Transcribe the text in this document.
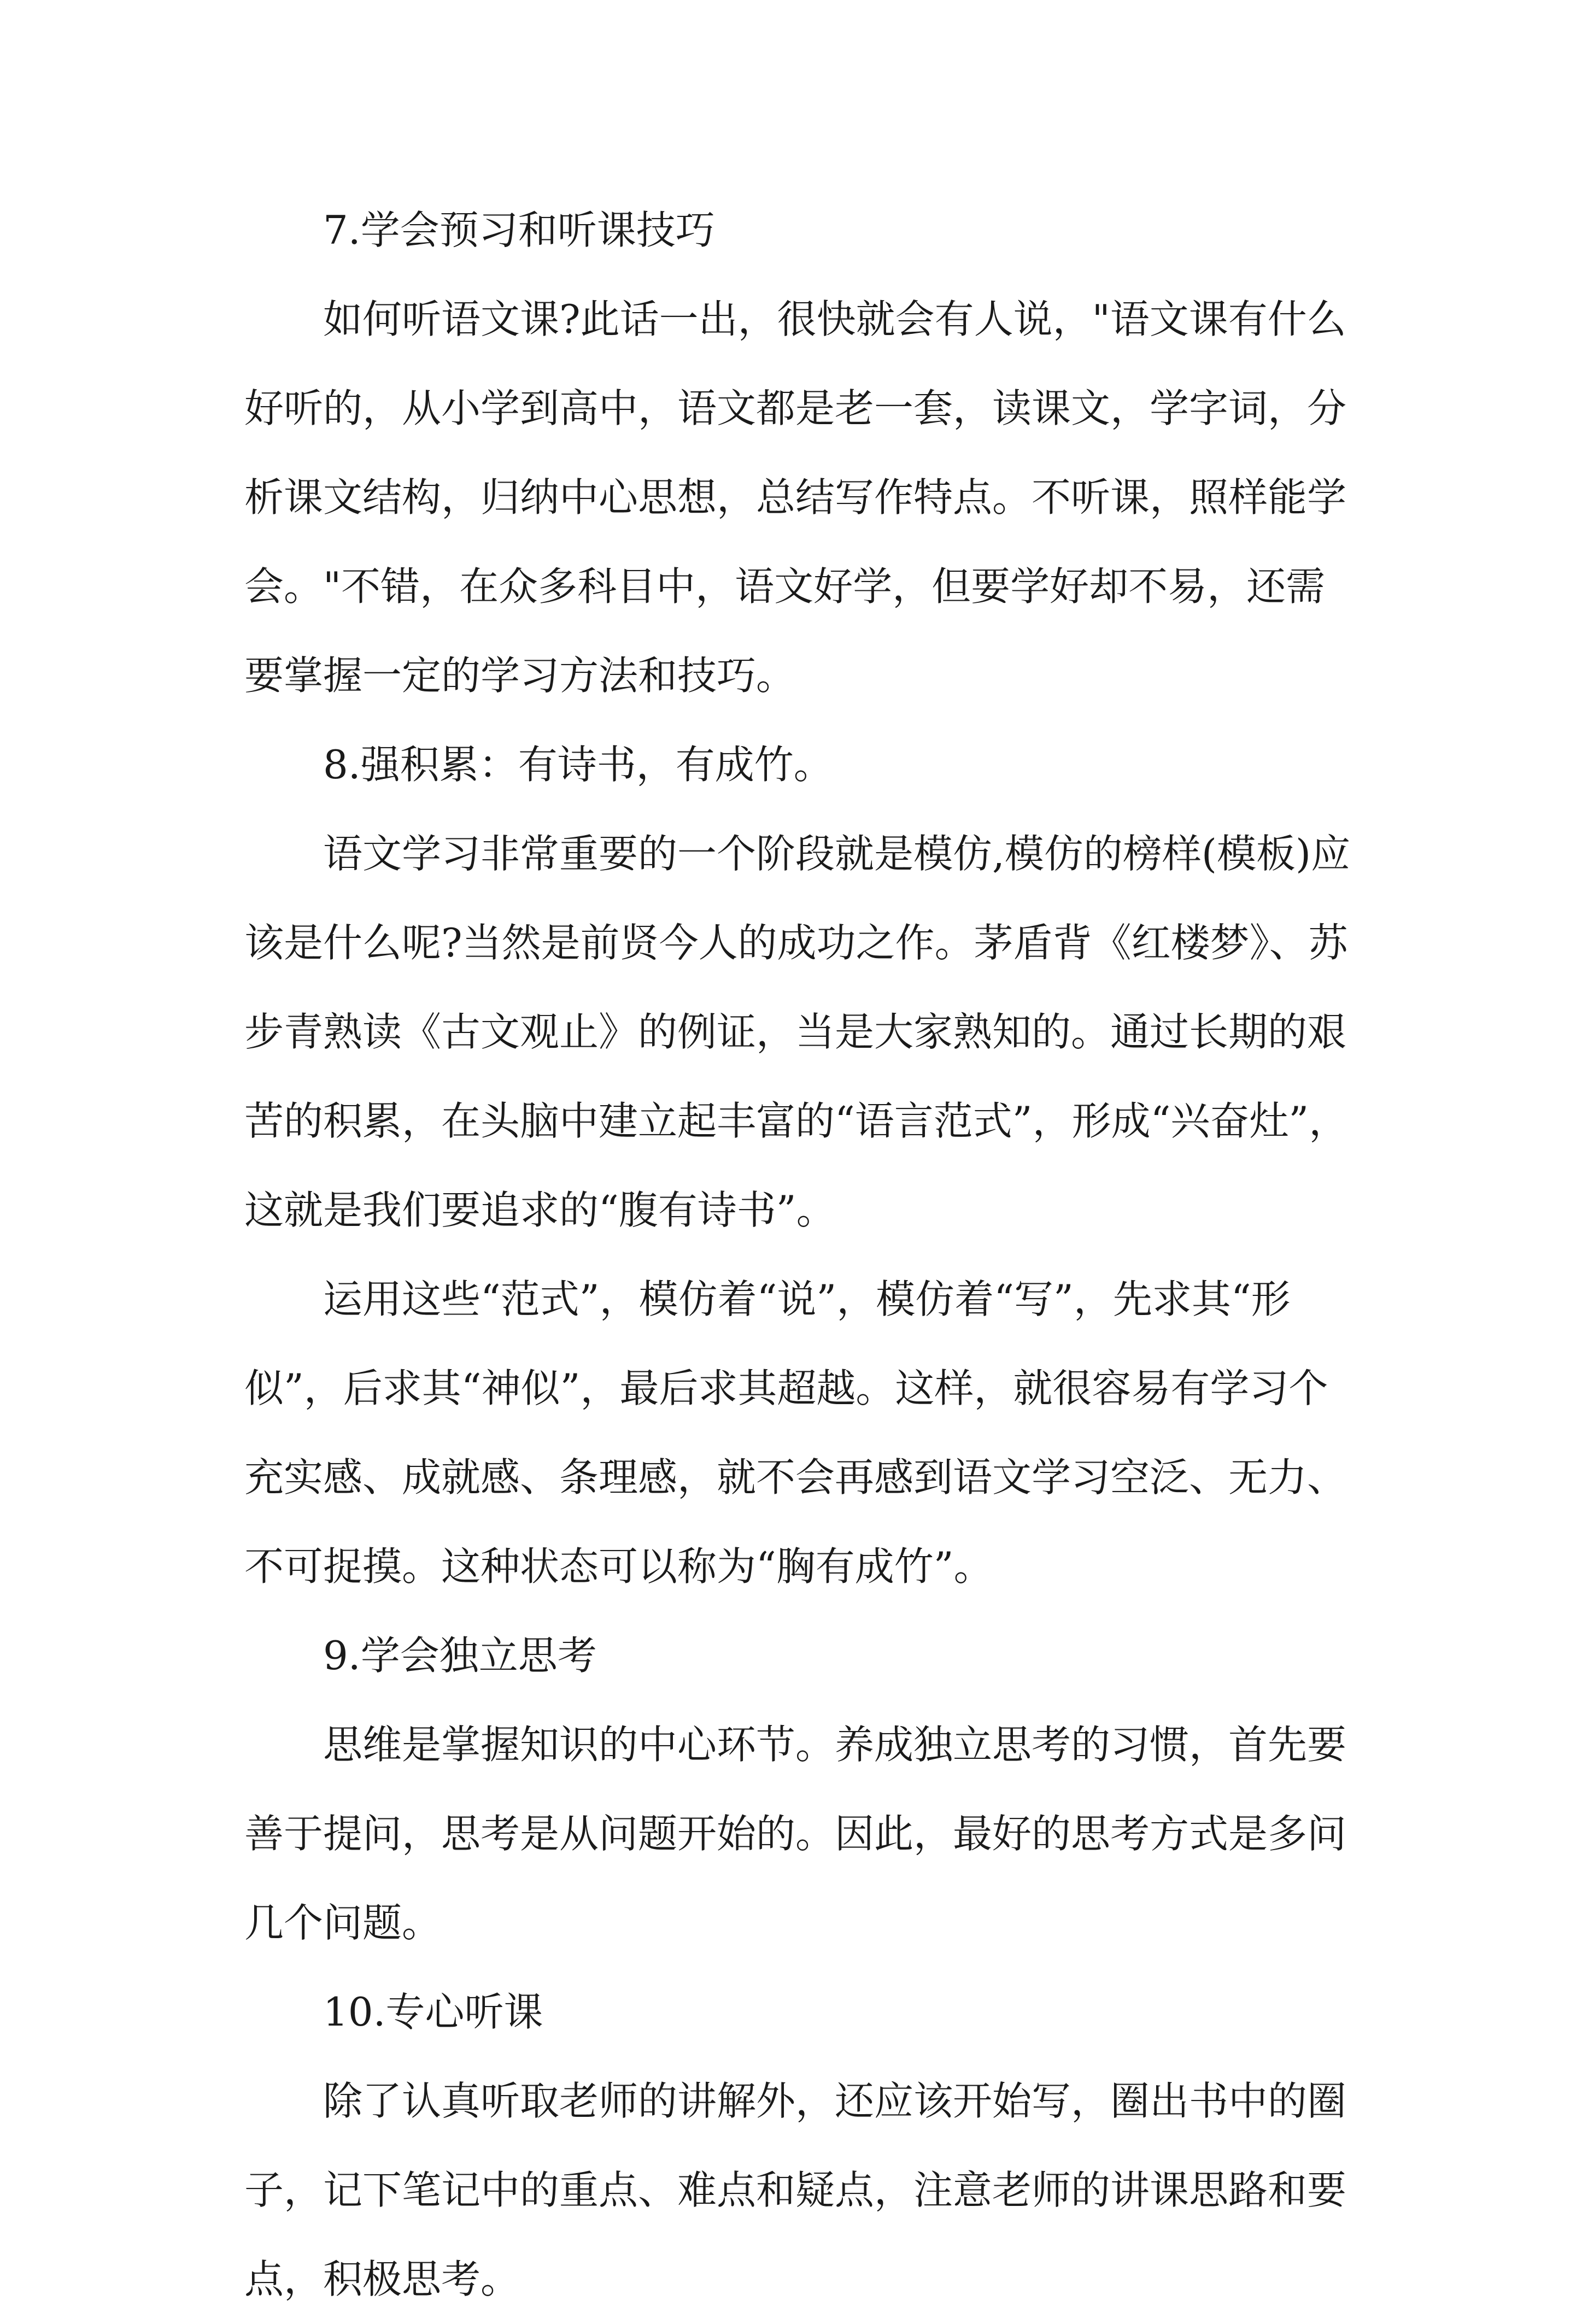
7.学会预习和听课技巧

如何听语文课?此话一出，很快就会有人说，"语文课有什么好听的，从小学到高中，语文都是老一套，读课文，学字词，分析课文结构，归纳中心思想，总结写作特点。不听课，照样能学会。"不错，在众多科目中，语文好学，但要学好却不易，还需要掌握一定的学习方法和技巧。

8.强积累：有诗书，有成竹。

语文学习非常重要的一个阶段就是模仿,模仿的榜样(模板)应该是什么呢?当然是前贤今人的成功之作。茅盾背《红楼梦》、苏步青熟读《古文观止》的例证，当是大家熟知的。通过长期的艰苦的积累，在头脑中建立起丰富的“语言范式”，形成“兴奋灶”，这就是我们要追求的“腹有诗书”。

运用这些“范式”，模仿着“说”，模仿着“写”，先求其“形似”，后求其“神似”，最后求其超越。这样，就很容易有学习个充实感、成就感、条理感，就不会再感到语文学习空泛、无力、不可捉摸。这种状态可以称为“胸有成竹”。

9.学会独立思考

思维是掌握知识的中心环节。养成独立思考的习惯，首先要善于提问，思考是从问题开始的。因此，最好的思考方式是多问几个问题。

10.专心听课

除了认真听取老师的讲解外，还应该开始写，圈出书中的圈子，记下笔记中的重点、难点和疑点，注意老师的讲课思路和要点，积极思考。
